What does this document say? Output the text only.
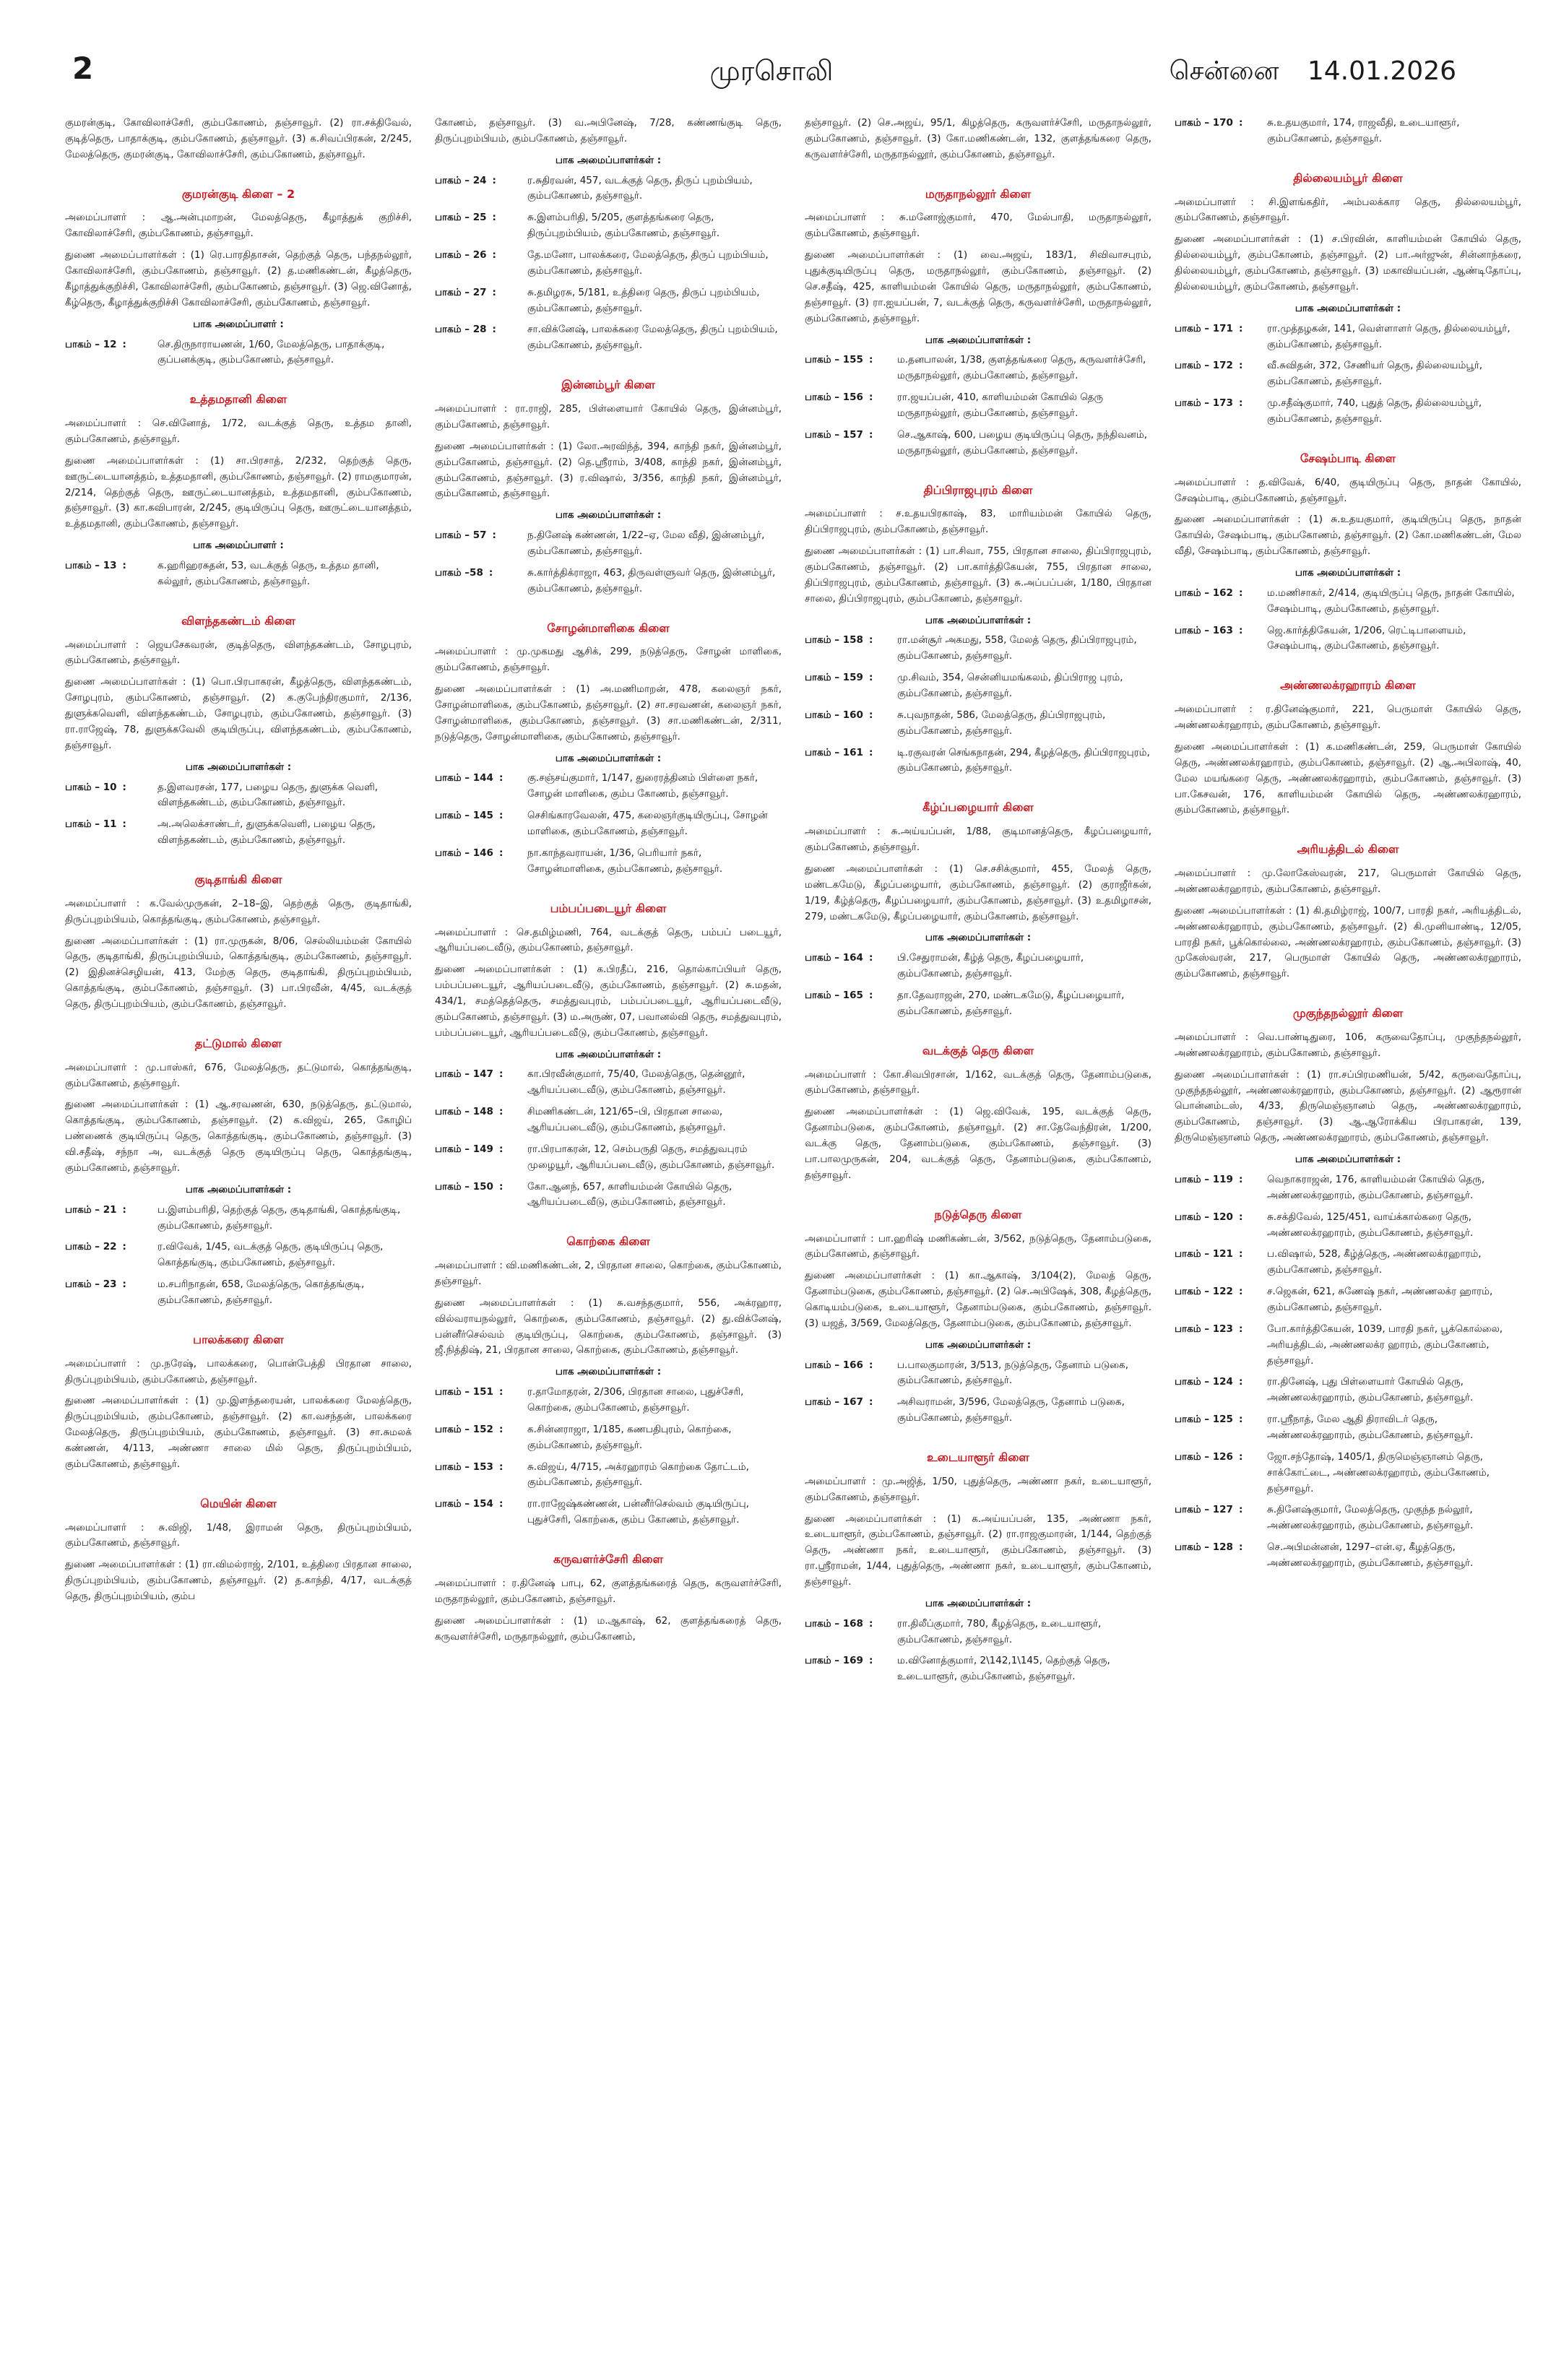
2	முரசொலி	சென்னை 14.01.2026

குமரன்குடி, கோவிலாச்சேரி, கும்பகோணம், தஞ்சாவூர். (2) ரா.சக்திவேல், குடித்தெரு, பாதாக்குடி, கும்பகோணம், தஞ்சாவூர். (3) க.சிவப்பிரகன், 2/245, மேலத்தெரு, குமரன்குடி, கோவிலாச்சேரி, கும்பகோணம், தஞ்சாவூர்.

குமரன்குடி கிளை – 2

அமைப்பாளர் : ஆ.அன்புமாறன், மேலத்தெரு, கீழாத்துக் குறிச்சி, கோவிலாச்சேரி, கும்பகோணம், தஞ்சாவூர்.

துணை அமைப்பாளர்கள் : (1) ரெ.பாரதிதாசன், தெற்குத் தெரு, பந்தநல்லூர், கோவிலாச்சேரி, கும்பகோணம், தஞ்சாவூர். (2) த.மணிகண்டன், கீழத்தெரு, கீழாத்துக்குறிச்சி, கோவிலாச்சேரி, கும்பகோணம், தஞ்சாவூர். (3) ஜெ.வினோத், கீழ்தெரு, கீழாத்துக்குறிச்சி கோவிலாச்சேரி, கும்பகோணம், தஞ்சாவூர்.

பாக அமைப்பாளர் :
பாகம் – 12 :	செ.திருநாராயணன், 1/60, மேலத்தெரு, பாதாக்குடி, குப்பனக்குடி, கும்பகோணம், தஞ்சாவூர்.
உத்தமதானி கிளை

அமைப்பாளர் : செ.வினோத், 1/72, வடக்குத் தெரு, உத்தம தானி, கும்பகோணம், தஞ்சாவூர்.

துணை அமைப்பாளர்கள் : (1) சா.பிரசாத், 2/232, தெற்குத் தெரு, ஊருட்டையானத்தம், உத்தமதானி, கும்பகோணம், தஞ்சாவூர். (2) ராமகுமாரன், 2/214, தெற்குத் தெரு, ஊருட்டையானத்தம், உத்தமதானி, கும்பகோணம், தஞ்சாவூர். (3) கா.கவிபாரன், 2/245, குடியிருப்பு தெரு, ஊருட்டையானத்தம், உத்தமதானி, கும்பகோணம், தஞ்சாவூர்.

பாக அமைப்பாளர் :
பாகம் – 13 :	க.ஹரிஹரசுதன், 53, வடக்குத் தெரு, உத்தம தானி, கல்லூர், கும்பகோணம், தஞ்சாவூர்.
விளந்தகண்டம் கிளை

அமைப்பாளர் : ஜெயசேகவரன், குடித்தெரு, விளந்தகண்டம், சோழபுரம், கும்பகோணம், தஞ்சாவூர்.

துணை அமைப்பாளர்கள் : (1) பொ.பிரபாகரன், கீழத்தெரு, விளந்தகண்டம், சோழபுரம், கும்பகோணம், தஞ்சாவூர். (2) க.குபேந்திரகுமார், 2/136, துளுக்கவெளி, விளந்தகண்டம், சோழபுரம், கும்பகோணம், தஞ்சாவூர். (3) ரா.ராஜேஷ், 78, துளுக்கவேலி குடியிருப்பு, விளந்தகண்டம், கும்பகோணம், தஞ்சாவூர்.

பாக அமைப்பாளர்கள் :
பாகம் – 10 :	த.இளவரசன், 177, பழைய தெரு, துளுக்க வெளி, விளந்தகண்டம், கும்பகோணம், தஞ்சாவூர்.
பாகம் – 11 :	அ.அலெக்சாண்டர், துளுக்கவெளி, பழைய தெரு, விளந்தகண்டம், கும்பகோணம், தஞ்சாவூர்.
குடிதாங்கி கிளை

அமைப்பாளர் : க.வேல்முருகன், 2–18–இ, தெற்குத் தெரு, குடிதாங்கி, திருப்புறம்பியம், கொத்தங்குடி, கும்பகோணம், தஞ்சாவூர்.

துணை அமைப்பாளர்கள் : (1) ரா.முருகன், 8/06, செல்லியம்மன் கோயில் தெரு, குடிதாங்கி, திருப்புறம்பியம், கொத்தங்குடி, கும்பகோணம், தஞ்சாவூர். (2) இதினச்செழியன், 413, மேற்கு தெரு, குடிதாங்கி, திருப்புறம்பியம், கொத்தங்குடி, கும்பகோணம், தஞ்சாவூர். (3) பா.பிரவீன், 4/45, வடக்குத் தெரு, திருப்புறம்பியம், கும்பகோணம், தஞ்சாவூர்.

தட்டுமால் கிளை

அமைப்பாளர் : மு.பாஸ்கர், 676, மேலத்தெரு, தட்டுமால், கொத்தங்குடி, கும்பகோணம், தஞ்சாவூர்.

துணை அமைப்பாளர்கள் : (1) ஆ.சரவணன், 630, நடுத்தெரு, தட்டுமால், கொத்தங்குடி, கும்பகோணம், தஞ்சாவூர். (2) க.விஜய், 265, கோழிப் பண்ணைக் குடியிருப்பு தெரு, கொத்தங்குடி, கும்பகோணம், தஞ்சாவூர். (3) வி.சதீஷ், சந்நா அ, வடக்குத் தெரு குடியிருப்பு தெரு, கொத்தங்குடி, கும்பகோணம், தஞ்சாவூர்.

பாக அமைப்பாளர்கள் :
பாகம் – 21 :	ப.இளம்பரிதி, தெற்குத் தெரு, குடிதாங்கி, கொத்தங்குடி, கும்பகோணம், தஞ்சாவூர்.
பாகம் – 22 :	ர.விவேக், 1/45, வடக்குத் தெரு, குடியிருப்பு தெரு, கொத்தங்குடி, கும்பகோணம், தஞ்சாவூர்.
பாகம் – 23 :	ம.சபரிநாதன், 658, மேலத்தெரு, கொத்தங்குடி, கும்பகோணம், தஞ்சாவூர்.
பாலக்கரை கிளை

அமைப்பாளர் : மு.நரேஷ், பாலக்கரை, பொன்பேத்தி பிரதான சாலை, திருப்புறம்பியம், கும்பகோணம், தஞ்சாவூர்.

துணை அமைப்பாளர்கள் : (1) மு.இளந்தரையன், பாலக்கரை மேலத்தெரு, திருப்புறம்பியம், கும்பகோணம், தஞ்சாவூர். (2) கா.வசந்தன், பாலக்கரை மேலத்தெரு, திருப்புறம்பியம், கும்பகோணம், தஞ்சாவூர். (3) சா.சுமலக் கண்ணன், 4/113, அண்ணா சாலை மில் தெரு, திருப்புறம்பியம், கும்பகோணம், தஞ்சாவூர்.

மெயின் கிளை

அமைப்பாளர் : சு.விஜி, 1/48, இராமன் தெரு, திருப்புறம்பியம், கும்பகோணம், தஞ்சாவூர்.

துணை அமைப்பாளர்கள் : (1) ரா.விமல்ராஜ், 2/101, உத்திரை பிரதான சாலை, திருப்புறம்பியம், கும்பகோணம், தஞ்சாவூர். (2) த.காந்தி, 4/17, வடக்குத் தெரு, திருப்புறம்பியம், கும்ப

கோணம், தஞ்சாவூர். (3) வ.அபினேஷ், 7/28, கண்ணங்குடி தெரு, திருப்புறம்பியம், கும்பகோணம், தஞ்சாவூர்.

பாக அமைப்பாளர்கள் :
பாகம் – 24 :	ர.சுதிரவன், 457, வடக்குத் தெரு, திருப் புறம்பியம், கும்பகோணம், தஞ்சாவூர்.
பாகம் – 25 :	சு.இளம்பரிதி, 5/205, குளத்தங்கரை தெரு, திருப்புறம்பியம், கும்பகோணம், தஞ்சாவூர்.
பாகம் – 26 :	தே.மனோ, பாலக்கரை, மேலத்தெரு, திருப் புறம்பியம், கும்பகோணம், தஞ்சாவூர்.
பாகம் – 27 :	சு.தமிழரசு, 5/181, உத்திரை தெரு, திருப் புறம்பியம், கும்பகோணம், தஞ்சாவூர்.
பாகம் – 28 :	சா.விக்னேஷ், பாலக்கரை மேலத்தெரு, திருப் புறம்பியம், கும்பகோணம், தஞ்சாவூர்.
இன்னம்பூர் கிளை

அமைப்பாளர் : ரா.ராஜி, 285, பிள்ளையார் கோயில் தெரு, இன்னம்பூர், கும்பகோணம், தஞ்சாவூர்.

துணை அமைப்பாளர்கள் : (1) லோ.அரவிந்த், 394, காந்தி நகர், இன்னம்பூர், கும்பகோணம், தஞ்சாவூர். (2) தெ.ஸ்ரீராம், 3/408, காந்தி நகர், இன்னம்பூர், கும்பகோணம், தஞ்சாவூர். (3) ர.விஷால், 3/356, காந்தி நகர், இன்னம்பூர், கும்பகோணம், தஞ்சாவூர்.

பாக அமைப்பாளர்கள் :
பாகம் – 57 :	ந.தினேஷ் கண்ணன், 1/22–ஏ, மேல வீதி, இன்னம்பூர், கும்பகோணம், தஞ்சாவூர்.
பாகம் –58 :	சு.கார்த்திக்ராஜா, 463, திருவள்ளுவர் தெரு, இன்னம்பூர், கும்பகோணம், தஞ்சாவூர்.
சோழன்மாளிகை கிளை

அமைப்பாளர் : மு.முகமது ஆசிக், 299, நடுத்தெரு, சோழன் மாளிகை, கும்பகோணம், தஞ்சாவூர்.

துணை அமைப்பாளர்கள் : (1) அ.மணிமாறன், 478, கலைஞர் நகர், சோழன்மாளிகை, கும்பகோணம், தஞ்சாவூர். (2) சா.சரவணன், கலைஞர் நகர், சோழன்மாளிகை, கும்பகோணம், தஞ்சாவூர். (3) சா.மணிகண்டன், 2/311, நடுத்தெரு, சோழன்மாளிகை, கும்பகோணம், தஞ்சாவூர்.

பாக அமைப்பாளர்கள் :
பாகம் – 144 :	கு.சஞ்சய்குமார், 1/147, துரைரத்தினம் பிள்ளை நகர், சோழன் மாளிகை, கும்ப கோணம், தஞ்சாவூர்.
பாகம் – 145 :	செசிங்காரவேலன், 475, கலைஞர்குடியிருப்பு, சோழன் மாளிகை, கும்பகோணம், தஞ்சாவூர்.
பாகம் – 146 :	நா.காந்தவராயன், 1/36, பெரியார் நகர், சோழன்மாளிகை, கும்பகோணம், தஞ்சாவூர்.
பம்பப்படையூர் கிளை

அமைப்பாளர் : செ.தமிழ்மணி, 764, வடக்குத் தெரு, பம்பப் படையூர், ஆரியப்படைவீடு, கும்பகோணம், தஞ்சாவூர்.

துணை அமைப்பாளர்கள் : (1) க.பிரதீப், 216, தொல்காப்பியர் தெரு, பம்பப்படையூர், ஆரியப்படைவீடு, கும்பகோணம், தஞ்சாவூர். (2) சு.மதன், 434/1, சமத்தெத்தெரு, சமத்துவபுரம், பம்பப்படையூர், ஆரியப்படைவீடு, கும்பகோணம், தஞ்சாவூர். (3) ம.அருண், 07, பவானல்வி தெரு, சமத்துவபுரம், பம்பப்படையூர், ஆரியப்படைவீடு, கும்பகோணம், தஞ்சாவூர்.

பாக அமைப்பாளர்கள் :
பாகம் – 147 :	கா.பிரவீன்குமார், 75/40, மேலத்தெரு, தென்னூர், ஆரியப்படைவீடு, கும்பகோணம், தஞ்சாவூர்.
பாகம் – 148 :	சிமணிகண்டன், 121/65–பி, பிரதான சாலை, ஆரியப்படைவீடு, கும்பகோணம், தஞ்சாவூர்.
பாகம் – 149 :	ரா.பிரபாகரன், 12, செம்பருதி தெரு, சமத்துவபுரம் முழையூர், ஆரியப்படைவீடு, கும்பகோணம், தஞ்சாவூர்.
பாகம் – 150 :	கோ.ஆனந், 657, காளியம்மன் கோயில் தெரு, ஆரியப்படைவீடு, கும்பகோணம், தஞ்சாவூர்.
கொற்கை கிளை

அமைப்பாளர் : வி.மணிகண்டன், 2, பிரதான சாலை, கொற்கை, கும்பகோணம், தஞ்சாவூர்.

துணை அமைப்பாளர்கள் : (1) சு.வசந்தகுமார், 556, அக்ரஹார, வில்வராயநல்லூர், கொற்கை, கும்பகோணம், தஞ்சாவூர். (2) து.விக்னேஷ், பன்னீர்செல்வம் குடியிருப்பு, கொற்கை, கும்பகோணம், தஞ்சாவூர். (3) ஜீ.நித்திஷ், 21, பிரதான சாலை, கொற்கை, கும்பகோணம், தஞ்சாவூர்.

பாக அமைப்பாளர்கள் :
பாகம் – 151 :	ர.தாமோதரன், 2/306, பிரதான சாலை, புதுச்சேரி, கொற்கை, கும்பகோணம், தஞ்சாவூர்.
பாகம் – 152 :	க.சின்னராஜா, 1/185, கணபதிபுரம், கொற்கை, கும்பகோணம், தஞ்சாவூர்.
பாகம் – 153 :	சு.விஜய், 4/715, அக்ரஹாரம் கொற்கை தோட்டம், கும்பகோணம், தஞ்சாவூர்.
பாகம் – 154 :	ரா.ராஜேஷ்கண்ணன், பன்னீர்செல்வம் குடியிருப்பு, புதுச்சேரி, கொற்கை, கும்ப கோணம், தஞ்சாவூர்.
கருவளர்ச்சேரி கிளை

அமைப்பாளர் : ர.தினேஷ் பாபு, 62, குளத்தங்கரைத் தெரு, கருவளர்ச்சேரி, மருதாநல்லூர், கும்பகோணம், தஞ்சாவூர்.

துணை அமைப்பாளர்கள் : (1) ம.ஆகாஷ், 62, குளத்தங்கரைத் தெரு, கருவளர்ச்சேரி, மருதாநல்லூர், கும்பகோணம்,

தஞ்சாவூர். (2) செ.அஜய், 95/1, கிழத்தெரு, கருவளர்ச்சேரி, மருதாநல்லூர், கும்பகோணம், தஞ்சாவூர். (3) கோ.மணிகண்டன், 132, குளத்தங்கரை தெரு, கருவளர்ச்சேரி, மருதாநல்லூர், கும்பகோணம், தஞ்சாவூர்.

மருதாநல்லூர் கிளை

அமைப்பாளர் : சு.மனோஜ்குமார், 470, மேல்பாதி, மருதாநல்லூர், கும்பகோணம், தஞ்சாவூர்.

துணை அமைப்பாளர்கள் : (1) வை.அஜய், 183/1, சிவிவாசபுரம், புதுக்குடியிருப்பு தெரு, மருதாநல்லூர், கும்பகோணம், தஞ்சாவூர். (2) செ.சதீஷ், 425, காளியம்மன் கோயில் தெரு, மருதாநல்லூர், கும்பகோணம், தஞ்சாவூர். (3) ரா.ஐயப்பன், 7, வடக்குத் தெரு, கருவளர்ச்சேரி, மருதாநல்லூர், கும்பகோணம், தஞ்சாவூர்.

பாக அமைப்பாளர்கள் :
பாகம் – 155 :	ம.தனபாலன், 1/38, குளத்தங்கரை தெரு, கருவளர்ச்சேரி, மருதாநல்லூர், கும்பகோணம், தஞ்சாவூர்.
பாகம் – 156 :	ரா.ஜயப்பன், 410, காளியம்மன் கோயில் தெரு மருதாநல்லூர், கும்பகோணம், தஞ்சாவூர்.
பாகம் – 157 :	செ.ஆகாஷ், 600, பழைய குடியிருப்பு தெரு, நந்திவனம், மருதாநல்லூர், கும்பகோணம், தஞ்சாவூர்.
திப்பிராஜபுரம் கிளை

அமைப்பாளர் : ச.உதயபிரகாஷ், 83, மாரியம்மன் கோயில் தெரு, திப்பிராஜபுரம், கும்பகோணம், தஞ்சாவூர்.

துணை அமைப்பாளர்கள் : (1) பா.சிவா, 755, பிரதான சாலை, திப்பிராஜபுரம், கும்பகோணம், தஞ்சாவூர். (2) பா.கார்த்திகேயன், 755, பிரதான சாலை, திப்பிராஜபுரம், கும்பகோணம், தஞ்சாவூர். (3) சு.அப்பப்பன், 1/180, பிரதான சாலை, திப்பிராஜபுரம், கும்பகோணம், தஞ்சாவூர்.

பாக அமைப்பாளர்கள் :
பாகம் – 158 :	ரா.மன்சூர் அகமது, 558, மேலத் தெரு, திப்பிராஜபுரம், கும்பகோணம், தஞ்சாவூர்.
பாகம் – 159 :	மு.சிவம், 354, சென்னியமங்கலம், திப்பிராஜ புரம், கும்பகோணம், தஞ்சாவூர்.
பாகம் – 160 :	சு.புவநாதன், 586, மேலத்தெரு, திப்பிராஜபுரம், கும்பகோணம், தஞ்சாவூர்.
பாகம் – 161 :	டி.ரகுவரன் செங்கநாதன், 294, கீழத்தெரு, திப்பிராஜபுரம், கும்பகோணம், தஞ்சாவூர்.
கீழ்ப்பழையார் கிளை

அமைப்பாளர் : சு.அய்யப்பன், 1/88, குடிமானத்தெரு, கீழப்பழையார், கும்பகோணம், தஞ்சாவூர்.

துணை அமைப்பாளர்கள் : (1) செ.சசிக்குமார், 455, மேலத் தெரு, மண்டகமேடு, கீழப்பழையார், கும்பகோணம், தஞ்சாவூர். (2) குராஜீர்கன், 1/19, கீழ்த்தெரு, கீழப்பழையார், கும்பகோணம், தஞ்சாவூர். (3) உதமிழாசன், 279, மண்டகமேடு, கீழப்பழையார், கும்பகோணம், தஞ்சாவூர்.

பாக அமைப்பாளர்கள் :
பாகம் – 164 :	பி.சேதுராமன், கீழ்த் தெரு, கீழப்பழையார், கும்பகோணம், தஞ்சாவூர்.
பாகம் – 165 :	தா.தேவராஜன், 270, மண்டகமேடு, கீழப்பழையார், கும்பகோணம், தஞ்சாவூர்.
வடக்குத் தெரு கிளை

அமைப்பாளர் : கோ.சிவபிரசான், 1/162, வடக்குத் தெரு, தேனாம்படுகை, கும்பகோணம், தஞ்சாவூர்.

துணை அமைப்பாளர்கள் : (1) ஜெ.விவேக், 195, வடக்குத் தெரு, தேனாம்படுகை, கும்பகோணம், தஞ்சாவூர். (2) சா.தேவேந்திரன், 1/200, வடக்கு தெரு, தேனாம்படுகை, கும்பகோணம், தஞ்சாவூர். (3) பா.பாலமுருகன், 204, வடக்குத் தெரு, தேனாம்படுகை, கும்பகோணம், தஞ்சாவூர்.

நடுத்தெரு கிளை

அமைப்பாளர் : பா.ஹரிஷ் மணிகண்டன், 3/562, நடுத்தெரு, தேனாம்படுகை, கும்பகோணம், தஞ்சாவூர்.

துணை அமைப்பாளர்கள் : (1) கா.ஆகாஷ், 3/104(2), மேலத் தெரு, தேனாம்படுகை, கும்பகோணம், தஞ்சாவூர். (2) செ.அபிஷேக், 308, கீழத்தெரு, கொடியம்படுகை, உடையாளூர், தேனாம்படுகை, கும்பகோணம், தஞ்சாவூர். (3) யஜத், 3/569, மேலத்தெரு, தேனாம்படுகை, கும்பகோணம், தஞ்சாவூர்.

பாக அமைப்பாளர்கள் :
பாகம் – 166 :	ப.பாலகுமாரன், 3/513, நடுத்தெரு, தேனாம் படுகை, கும்பகோணம், தஞ்சாவூர்.
பாகம் – 167 :	அசிவராமன், 3/596, மேலத்தெரு, தேனாம் படுகை, கும்பகோணம், தஞ்சாவூர்.
உடையாளூர் கிளை

அமைப்பாளர் : மு.அஜித், 1/50, புதுத்தெரு, அண்ணா நகர், உடையாளூர், கும்பகோணம், தஞ்சாவூர்.

துணை அமைப்பாளர்கள் : (1) க.அய்யப்பன், 135, அண்ணா நகர், உடையாளூர், கும்பகோணம், தஞ்சாவூர். (2) ரா.ராஜகுமாரன், 1/144, தெற்குத் தெரு, அண்ணா நகர், உடையாளூர், கும்பகோணம், தஞ்சாவூர். (3) ரா.ஸ்ரீராமன், 1/44, புதுத்தெரு, அண்ணா நகர், உடையாளூர், கும்பகோணம், தஞ்சாவூர்.

பாக அமைப்பாளர்கள் :
பாகம் – 168 :	ரா.திலீப்குமார், 780, கீழத்தெரு, உடையாளூர், கும்பகோணம், தஞ்சாவூர்.
பாகம் – 169 :	ம.வினோத்குமார், 2\142,1\145, தெற்குத் தெரு, உடையாளூர், கும்பகோணம், தஞ்சாவூர்.
பாகம் – 170 :	சு.உதயகுமார், 174, ராஜவீதி, உடையாளூர், கும்பகோணம், தஞ்சாவூர்.
தில்லையம்பூர் கிளை

அமைப்பாளர் : சி.இளங்கதிர், அம்பலக்கார தெரு, தில்லையம்பூர், கும்பகோணம், தஞ்சாவூர்.

துணை அமைப்பாளர்கள் : (1) ச.பிரவின், காளியம்மன் கோயில் தெரு, தில்லையம்பூர், கும்பகோணம், தஞ்சாவூர். (2) பா.அர்ஜுன், சின்னாந்கரை, தில்லையம்பூர், கும்பகோணம், தஞ்சாவூர். (3) மகாவியப்பன், ஆண்டிதோப்பு, தில்லையம்பூர், கும்பகோணம், தஞ்சாவூர்.

பாக அமைப்பாளர்கள் :
பாகம் – 171 :	ரா.முத்தழகன், 141, வெள்ளாளர் தெரு, தில்லையம்பூர், கும்பகோணம், தஞ்சாவூர்.
பாகம் – 172 :	வீ.சுவிதன், 372, சேணியர் தெரு, தில்லையம்பூர், கும்பகோணம், தஞ்சாவூர்.
பாகம் – 173 :	மு.சதீஷ்குமார், 740, புதுத் தெரு, தில்லையம்பூர், கும்பகோணம், தஞ்சாவூர்.
சேஷம்பாடி கிளை

அமைப்பாளர் : த.விவேக், 6/40, குடியிருப்பு தெரு, நாதன் கோயில், சேஷம்பாடி, கும்பகோணம், தஞ்சாவூர்.

துணை அமைப்பாளர்கள் : (1) சு.உதயகுமார், குடியிருப்பு தெரு, நாதன் கோயில், சேஷம்பாடி, கும்பகோணம், தஞ்சாவூர். (2) கோ.மணிகண்டன், மேல வீதி, சேஷம்பாடி, கும்பகோணம், தஞ்சாவூர்.

பாக அமைப்பாளர்கள் :
பாகம் – 162 :	ம.மணிசாகர், 2/414, குடியிருப்பு தெரு, நாதன் கோயில், சேஷம்பாடி, கும்பகோணம், தஞ்சாவூர்.
பாகம் – 163 :	ஜெ.கார்த்திகேயன், 1/206, ரெட்டிபாளையம், சேஷம்பாடி, கும்பகோணம், தஞ்சாவூர்.
அண்ணலக்ரஹாரம் கிளை

அமைப்பாளர் : ர.தினேஷ்குமார், 221, பெருமாள் கோயில் தெரு, அண்ணலக்ரஹாரம், கும்பகோணம், தஞ்சாவூர்.

துணை அமைப்பாளர்கள் : (1) க.மணிகண்டன், 259, பெருமாள் கோயில் தெரு, அண்ணலக்ரஹாரம், கும்பகோணம், தஞ்சாவூர். (2) ஆ.அபிலாஷ், 40, மேல மயங்கரை தெரு, அண்ணலக்ரஹாரம், கும்பகோணம், தஞ்சாவூர். (3) பா.கேசவன், 176, காளியம்மன் கோயில் தெரு, அண்ணலக்ரஹாரம், கும்பகோணம், தஞ்சாவூர்.

அரியத்திடல் கிளை

அமைப்பாளர் : மு.லோகேஸ்வரன், 217, பெருமாள் கோயில் தெரு, அண்ணலக்ரஹாரம், கும்பகோணம், தஞ்சாவூர்.

துணை அமைப்பாளர்கள் : (1) கி.தமிழ்ராஜ், 100/7, பாரதி நகர், அரியத்திடல், அண்ணலக்ரஹாரம், கும்பகோணம், தஞ்சாவூர். (2) கி.முனியாண்டி, 12/05, பாரதி நகர், பூக்கொல்லை, அண்ணலக்ரஹாரம், கும்பகோணம், தஞ்சாவூர். (3) முகேஸ்வரன், 217, பெருமாள் கோயில் தெரு, அண்ணலக்ரஹாரம், கும்பகோணம், தஞ்சாவூர்.

முகுந்தநல்லூர் கிளை

அமைப்பாளர் : வெ.பாண்டிதுரை, 106, கருவைதோப்பு, முகுந்தநல்லூர், அண்ணலக்ரஹாரம், கும்பகோணம், தஞ்சாவூர்.

துணை அமைப்பாளர்கள் : (1) ரா.சப்பிரமணியன், 5/42, கருவைதோப்பு, முகுந்தநல்லூர், அண்ணலக்ரஹாரம், கும்பகோணம், தஞ்சாவூர். (2) ஆரூரான் பொன்னம்டஸ், 4/33, திருமெஞ்ஞானம் தெரு, அண்ணலக்ரஹாரம், கும்பகோணம், தஞ்சாவூர். (3) ஆ.ஆரோக்கிய பிரபாகரன், 139, திருமெஞ்ஞானம் தெரு, அண்ணலக்ரஹாரம், கும்பகோணம், தஞ்சாவூர்.

பாக அமைப்பாளர்கள் :
பாகம் – 119 :	வெநாகராஜன், 176, காளியம்மன் கோயில் தெரு, அண்ணலக்ரஹாரம், கும்பகோணம், தஞ்சாவூர்.
பாகம் – 120 :	சு.சக்திவேல், 125/451, வாய்க்கால்கரை தெரு, அண்ணலக்ரஹாரம், கும்பகோணம், தஞ்சாவூர்.
பாகம் – 121 :	ப.விஷால், 528, கீழ்த்தெரு, அண்ணலக்ரஹாரம், கும்பகோணம், தஞ்சாவூர்.
பாகம் – 122 :	ச.ஜெகன், 621, சுணேஷ் நகர், அண்ணலக்ர ஹாரம், கும்பகோணம், தஞ்சாவூர்.
பாகம் – 123 :	போ.கார்த்திகேயன், 1039, பாரதி நகர், பூக்கொல்லை, அரியத்திடல், அண்ணலக்ர ஹாரம், கும்பகோணம், தஞ்சாவூர்.
பாகம் – 124 :	ரா.தினேஷ், புது பிள்ளையார் கோயில் தெரு, அண்ணலக்ரஹாரம், கும்பகோணம், தஞ்சாவூர்.
பாகம் – 125 :	ரா.ஸ்ரீநாத், மேல ஆதி திராவிடர் தெரு, அண்ணலக்ரஹாரம், கும்பகோணம், தஞ்சாவூர்.
பாகம் – 126 :	ஜோ.சந்தோஷ், 1405/1, திருமெஞ்ஞானம் தெரு, சாக்கோட்டை, அண்ணலக்ரஹாரம், கும்பகோணம், தஞ்சாவூர்.
பாகம் – 127 :	சு.தினேஷ்குமார், மேலத்தெரு, முகுந்த நல்லூர், அண்ணலக்ரஹாரம், கும்பகோணம், தஞ்சாவூர்.
பாகம் – 128 :	செ.அபிமன்னன், 1297–என்.ஏ, கீழத்தெரு, அண்ணலக்ரஹாரம், கும்பகோணம், தஞ்சாவூர்.
